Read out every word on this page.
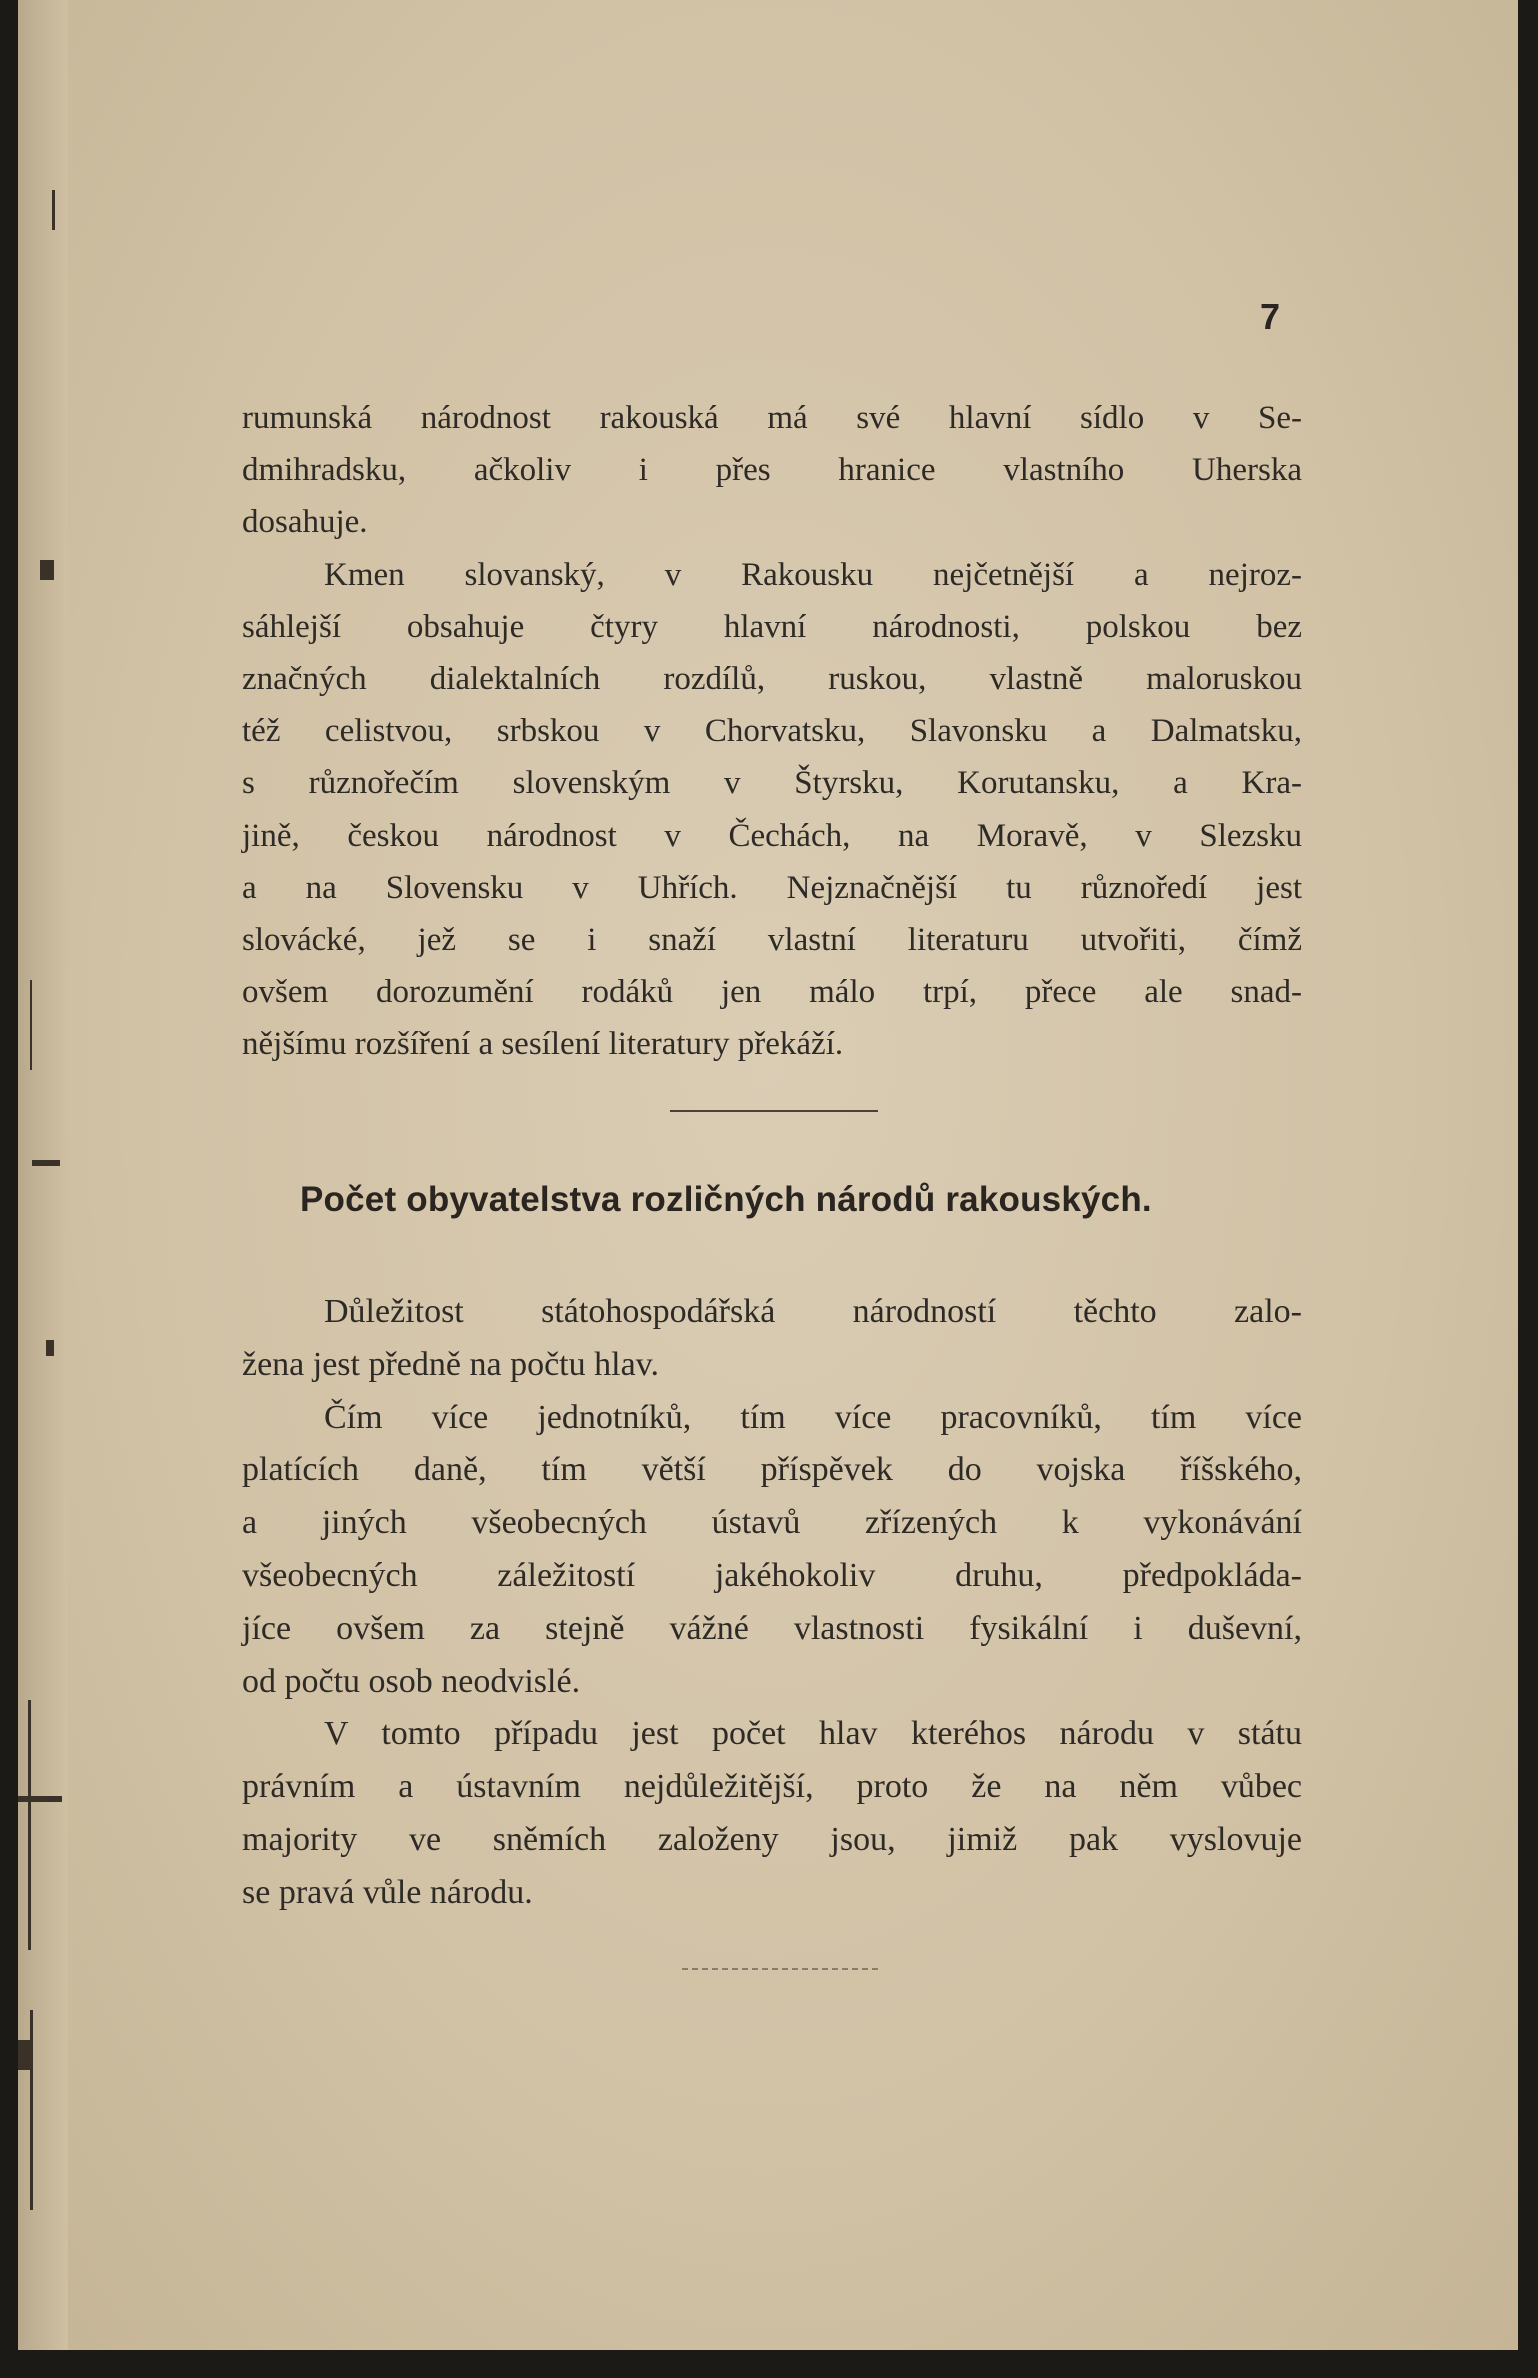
7
rumunská národnost rakouská má své hlavní sídlo v Se-
dmihradsku, ačkoliv i přes hranice vlastního Uherska
dosahuje.
Kmen slovanský, v Rakousku nejčetnější a nejroz-
sáhlejší obsahuje čtyry hlavní národnosti, polskou bez
značných dialektalních rozdílů, ruskou, vlastně maloruskou
též celistvou, srbskou v Chorvatsku, Slavonsku a Dalmatsku,
s různořečím slovenským v Štyrsku, Korutansku, a Kra-
jině, českou národnost v Čechách, na Moravě, v Slezsku
a na Slovensku v Uhřích. Nejznačnější tu různoředí jest
slovácké, jež se i snaží vlastní literaturu utvořiti, čímž
ovšem dorozumění rodáků jen málo trpí, přece ale snad-
nějšímu rozšíření a sesílení literatury překáží.
Počet obyvatelstva rozličných národů rakouských.
Důležitost státohospodářská národností těchto zalo-
žena jest předně na počtu hlav.
Čím více jednotníků, tím více pracovníků, tím více
platících daně, tím větší příspěvek do vojska říšského,
a jiných všeobecných ústavů zřízených k vykonávání
všeobecných záležitostí jakéhokoliv druhu, předpokláda-
jíce ovšem za stejně vážné vlastnosti fysikální i duševní,
od počtu osob neodvislé.
V tomto případu jest počet hlav kteréhos národu v státu
právním a ústavním nejdůležitější, proto že na něm vůbec
majority ve sněmích založeny jsou, jimiž pak vyslovuje
se pravá vůle národu.
